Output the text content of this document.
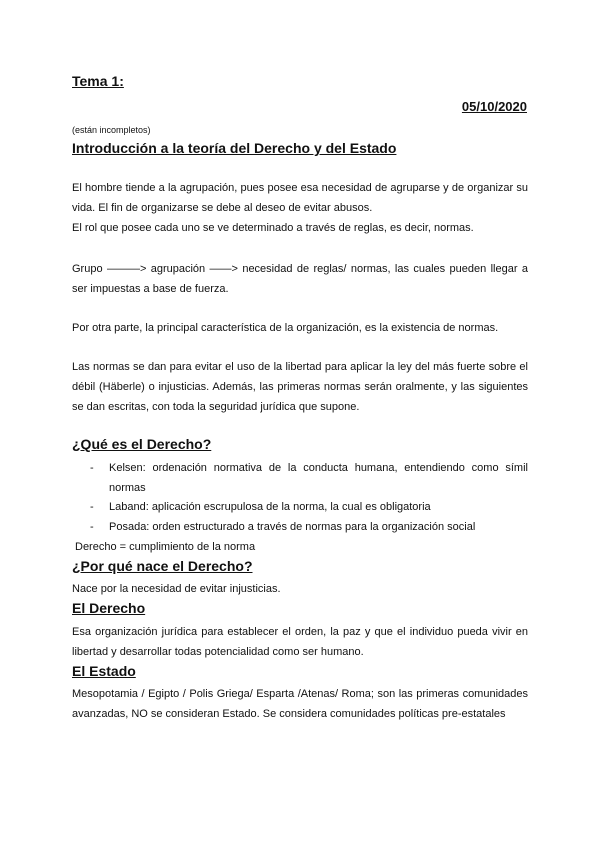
Tema 1:
05/10/2020
(están incompletos)
Introducción a la teoría del Derecho y del Estado
El hombre tiende a la agrupación, pues posee esa necesidad de agruparse y de organizar su vida. El fin de organizarse se debe al deseo de evitar abusos.
El rol que posee cada uno se ve determinado a través de reglas, es decir, normas.
Grupo ———> agrupación ——> necesidad de reglas/ normas, las cuales pueden llegar a ser impuestas a base de fuerza.
Por otra parte, la principal característica de la organización, es la existencia de normas.
Las normas se dan para evitar el uso de la libertad para aplicar la ley del más fuerte sobre el débil (Häberle) o injusticias. Además, las primeras normas serán oralmente, y las siguientes se dan escritas, con toda la seguridad jurídica que supone.
¿Qué es el Derecho?
- Kelsen: ordenación normativa de la conducta humana, entendiendo como símil normas
- Laband: aplicación escrupulosa de la norma, la cual es obligatoria
- Posada: orden estructurado a través de normas para la organización social
Derecho = cumplimiento de la norma
¿Por qué nace el Derecho?
Nace por la necesidad de evitar injusticias.
El Derecho
Esa organización jurídica para establecer el orden, la paz y que el individuo pueda vivir en libertad y desarrollar todas potencialidad como ser humano.
El Estado
Mesopotamia / Egipto / Polis Griega/ Esparta /Atenas/ Roma; son las primeras comunidades avanzadas, NO se consideran Estado. Se considera comunidades políticas pre-estatales
